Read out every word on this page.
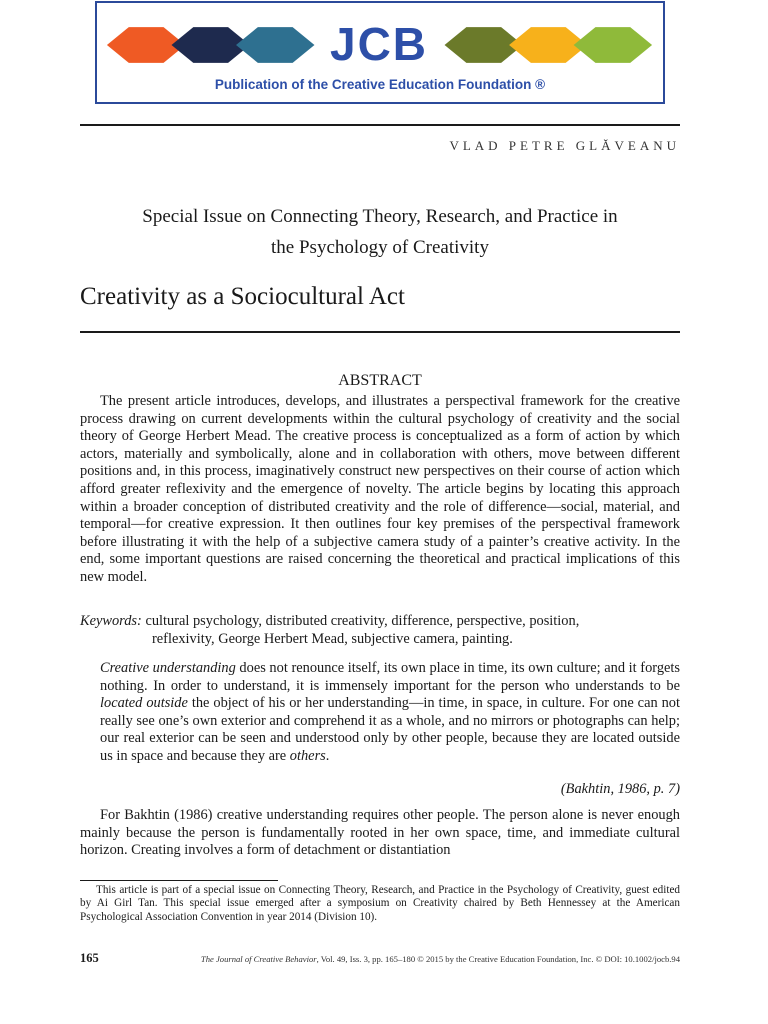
JCB
Publication of the Creative Education Foundation ®
VLAD PETRE GLĂVEANU
Special Issue on Connecting Theory, Research, and Practice in
the Psychology of Creativity
Creativity as a Sociocultural Act
ABSTRACT

The present article introduces, develops, and illustrates a perspectival framework for the creative process drawing on current developments within the cultural psychology of creativity and the social theory of George Herbert Mead. The creative process is conceptualized as a form of action by which actors, materially and symbolically, alone and in collaboration with others, move between different positions and, in this process, imaginatively construct new perspectives on their course of action which afford greater reflexivity and the emergence of novelty. The article begins by locating this approach within a broader conception of distributed creativity and the role of difference—social, material, and temporal—for creative expression. It then outlines four key premises of the perspectival framework before illustrating it with the help of a subjective camera study of a painter’s creative activity. In the end, some important questions are raised concerning the theoretical and practical implications of this new model.

Keywords: cultural psychology, distributed creativity, difference, perspective, position,
reflexivity, George Herbert Mead, subjective camera, painting.

Creative understanding does not renounce itself, its own place in time, its own culture; and it forgets nothing. In order to understand, it is immensely important for the person who understands to be located outside the object of his or her understanding—in time, in space, in culture. For one can not really see one’s own exterior and comprehend it as a whole, and no mirrors or photographs can help; our real exterior can be seen and understood only by other people, because they are located outside us in space and because they are others.

(Bakhtin, 1986, p. 7)

For Bakhtin (1986) creative understanding requires other people. The person alone is never enough mainly because the person is fundamentally rooted in her own space, time, and immediate cultural horizon. Creating involves a form of detachment or distantiation

This article is part of a special issue on Connecting Theory, Research, and Practice in the Psychology of Creativity, guest edited by Ai Girl Tan. This special issue emerged after a symposium on Creativity chaired by Beth Hennessey at the American Psychological Association Convention in year 2014 (Division 10).

165	The Journal of Creative Behavior, Vol. 49, Iss. 3, pp. 165–180 © 2015 by the Creative Education Foundation, Inc. © DOI: 10.1002/jocb.94
